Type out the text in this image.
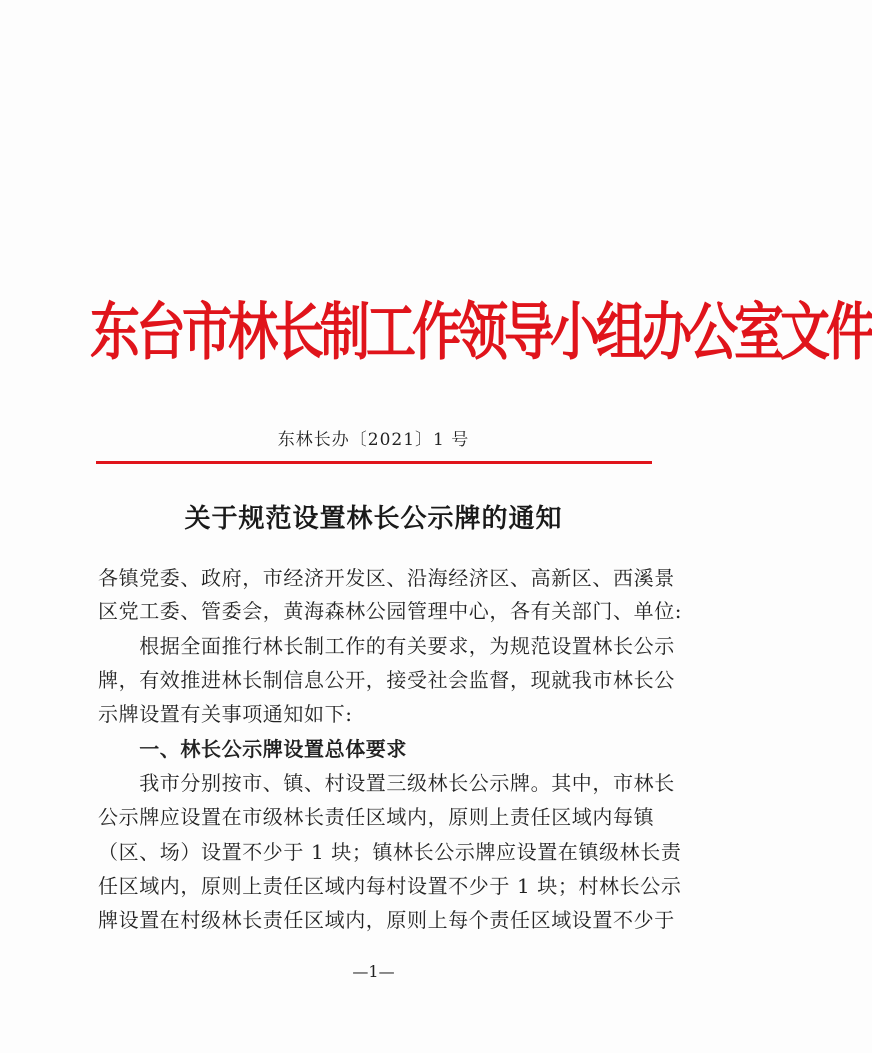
东台市林长制工作领导小组办公室文件
东林长办〔2021〕1 号
关于规范设置林长公示牌的通知
各镇党委、政府，市经济开发区、沿海经济区、高新区、西溪景
区党工委、管委会，黄海森林公园管理中心，各有关部门、单位:
　　根据全面推行林长制工作的有关要求，为规范设置林长公示
牌，有效推进林长制信息公开，接受社会监督，现就我市林长公
示牌设置有关事项通知如下:
　　一、林长公示牌设置总体要求
　　我市分别按市、镇、村设置三级林长公示牌。其中，市林长
公示牌应设置在市级林长责任区域内，原则上责任区域内每镇
（区、场）设置不少于 1 块；镇林长公示牌应设置在镇级林长责
任区域内，原则上责任区域内每村设置不少于 1 块；村林长公示
牌设置在村级林长责任区域内，原则上每个责任区域设置不少于
—1—
